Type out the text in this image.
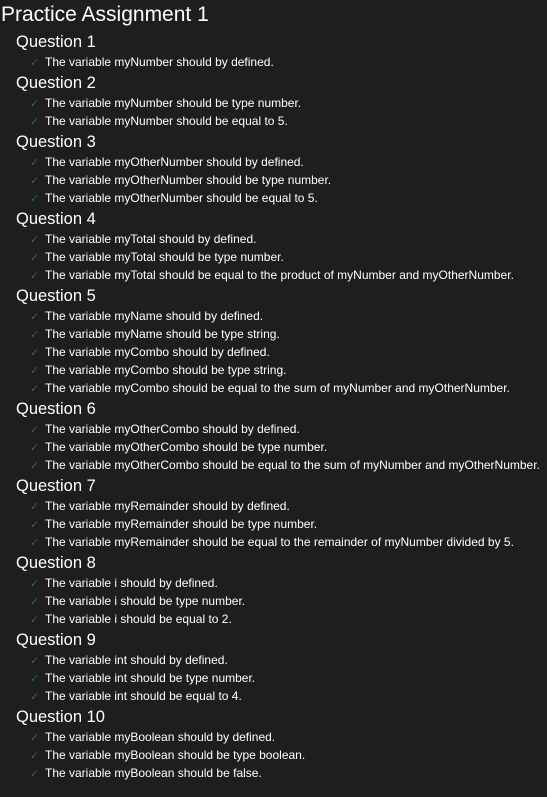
Practice Assignment 1
Question 1
✓ The variable myNumber should by defined.
Question 2
✓ The variable myNumber should be type number.
✓ The variable myNumber should be equal to 5.
Question 3
✓ The variable myOtherNumber should by defined.
✓ The variable myOtherNumber should be type number.
✓ The variable myOtherNumber should be equal to 5.
Question 4
✓ The variable myTotal should by defined.
✓ The variable myTotal should be type number.
✓ The variable myTotal should be equal to the product of myNumber and myOtherNumber.
Question 5
✓ The variable myName should by defined.
✓ The variable myName should be type string.
✓ The variable myCombo should by defined.
✓ The variable myCombo should be type string.
✓ The variable myCombo should be equal to the sum of myNumber and myOtherNumber.
Question 6
✓ The variable myOtherCombo should by defined.
✓ The variable myOtherCombo should be type number.
✓ The variable myOtherCombo should be equal to the sum of myNumber and myOtherNumber.
Question 7
✓ The variable myRemainder should by defined.
✓ The variable myRemainder should be type number.
✓ The variable myRemainder should be equal to the remainder of myNumber divided by 5.
Question 8
✓ The variable i should by defined.
✓ The variable i should be type number.
✓ The variable i should be equal to 2.
Question 9
✓ The variable int should by defined.
✓ The variable int should be type number.
✓ The variable int should be equal to 4.
Question 10
✓ The variable myBoolean should by defined.
✓ The variable myBoolean should be type boolean.
✓ The variable myBoolean should be false.
